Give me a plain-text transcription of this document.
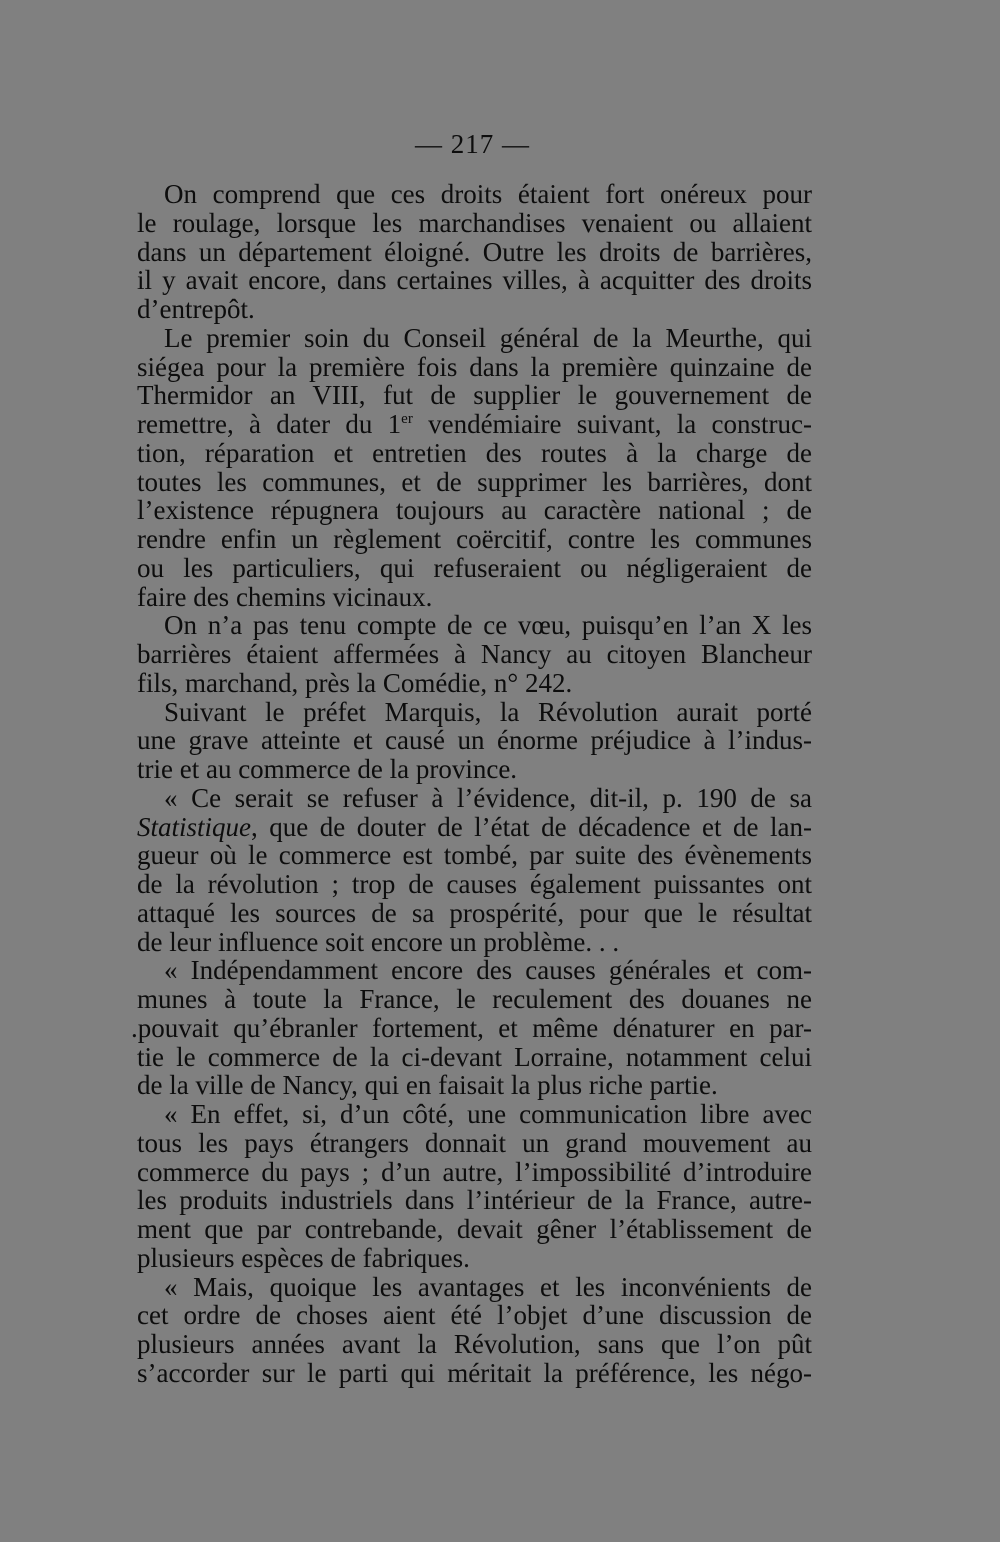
— 217 —
On comprend que ces droits étaient fort onéreux pour
le roulage, lorsque les marchandises venaient ou allaient
dans un département éloigné. Outre les droits de barrières,
il y avait encore, dans certaines villes, à acquitter des droits
d’entrepôt.
Le premier soin du Conseil général de la Meurthe, qui
siégea pour la première fois dans la première quinzaine de
Thermidor an VIII, fut de supplier le gouvernement de
remettre, à dater du 1er vendémiaire suivant, la construc-
tion, réparation et entretien des routes à la charge de
toutes les communes, et de supprimer les barrières, dont
l’existence répugnera toujours au caractère national ; de
rendre enfin un règlement coërcitif, contre les communes
ou les particuliers, qui refuseraient ou négligeraient de
faire des chemins vicinaux.
On n’a pas tenu compte de ce vœu, puisqu’en l’an X les
barrières étaient affermées à Nancy au citoyen Blancheur
fils, marchand, près la Comédie, n° 242.
Suivant le préfet Marquis, la Révolution aurait porté
une grave atteinte et causé un énorme préjudice à l’indus-
trie et au commerce de la province.
« Ce serait se refuser à l’évidence, dit-il, p. 190 de sa
Statistique, que de douter de l’état de décadence et de lan-
gueur où le commerce est tombé, par suite des évènements
de la révolution ; trop de causes également puissantes ont
attaqué les sources de sa prospérité, pour que le résultat
de leur influence soit encore un problème. . .
« Indépendamment encore des causes générales et com-
munes à toute la France, le reculement des douanes ne
.pouvait qu’ébranler fortement, et même dénaturer en par-
tie le commerce de la ci-devant Lorraine, notamment celui
de la ville de Nancy, qui en faisait la plus riche partie.
« En effet, si, d’un côté, une communication libre avec
tous les pays étrangers donnait un grand mouvement au
commerce du pays ; d’un autre, l’impossibilité d’introduire
les produits industriels dans l’intérieur de la France, autre-
ment que par contrebande, devait gêner l’établissement de
plusieurs espèces de fabriques.
« Mais, quoique les avantages et les inconvénients de
cet ordre de choses aient été l’objet d’une discussion de
plusieurs années avant la Révolution, sans que l’on pût
s’accorder sur le parti qui méritait la préférence, les négo-
